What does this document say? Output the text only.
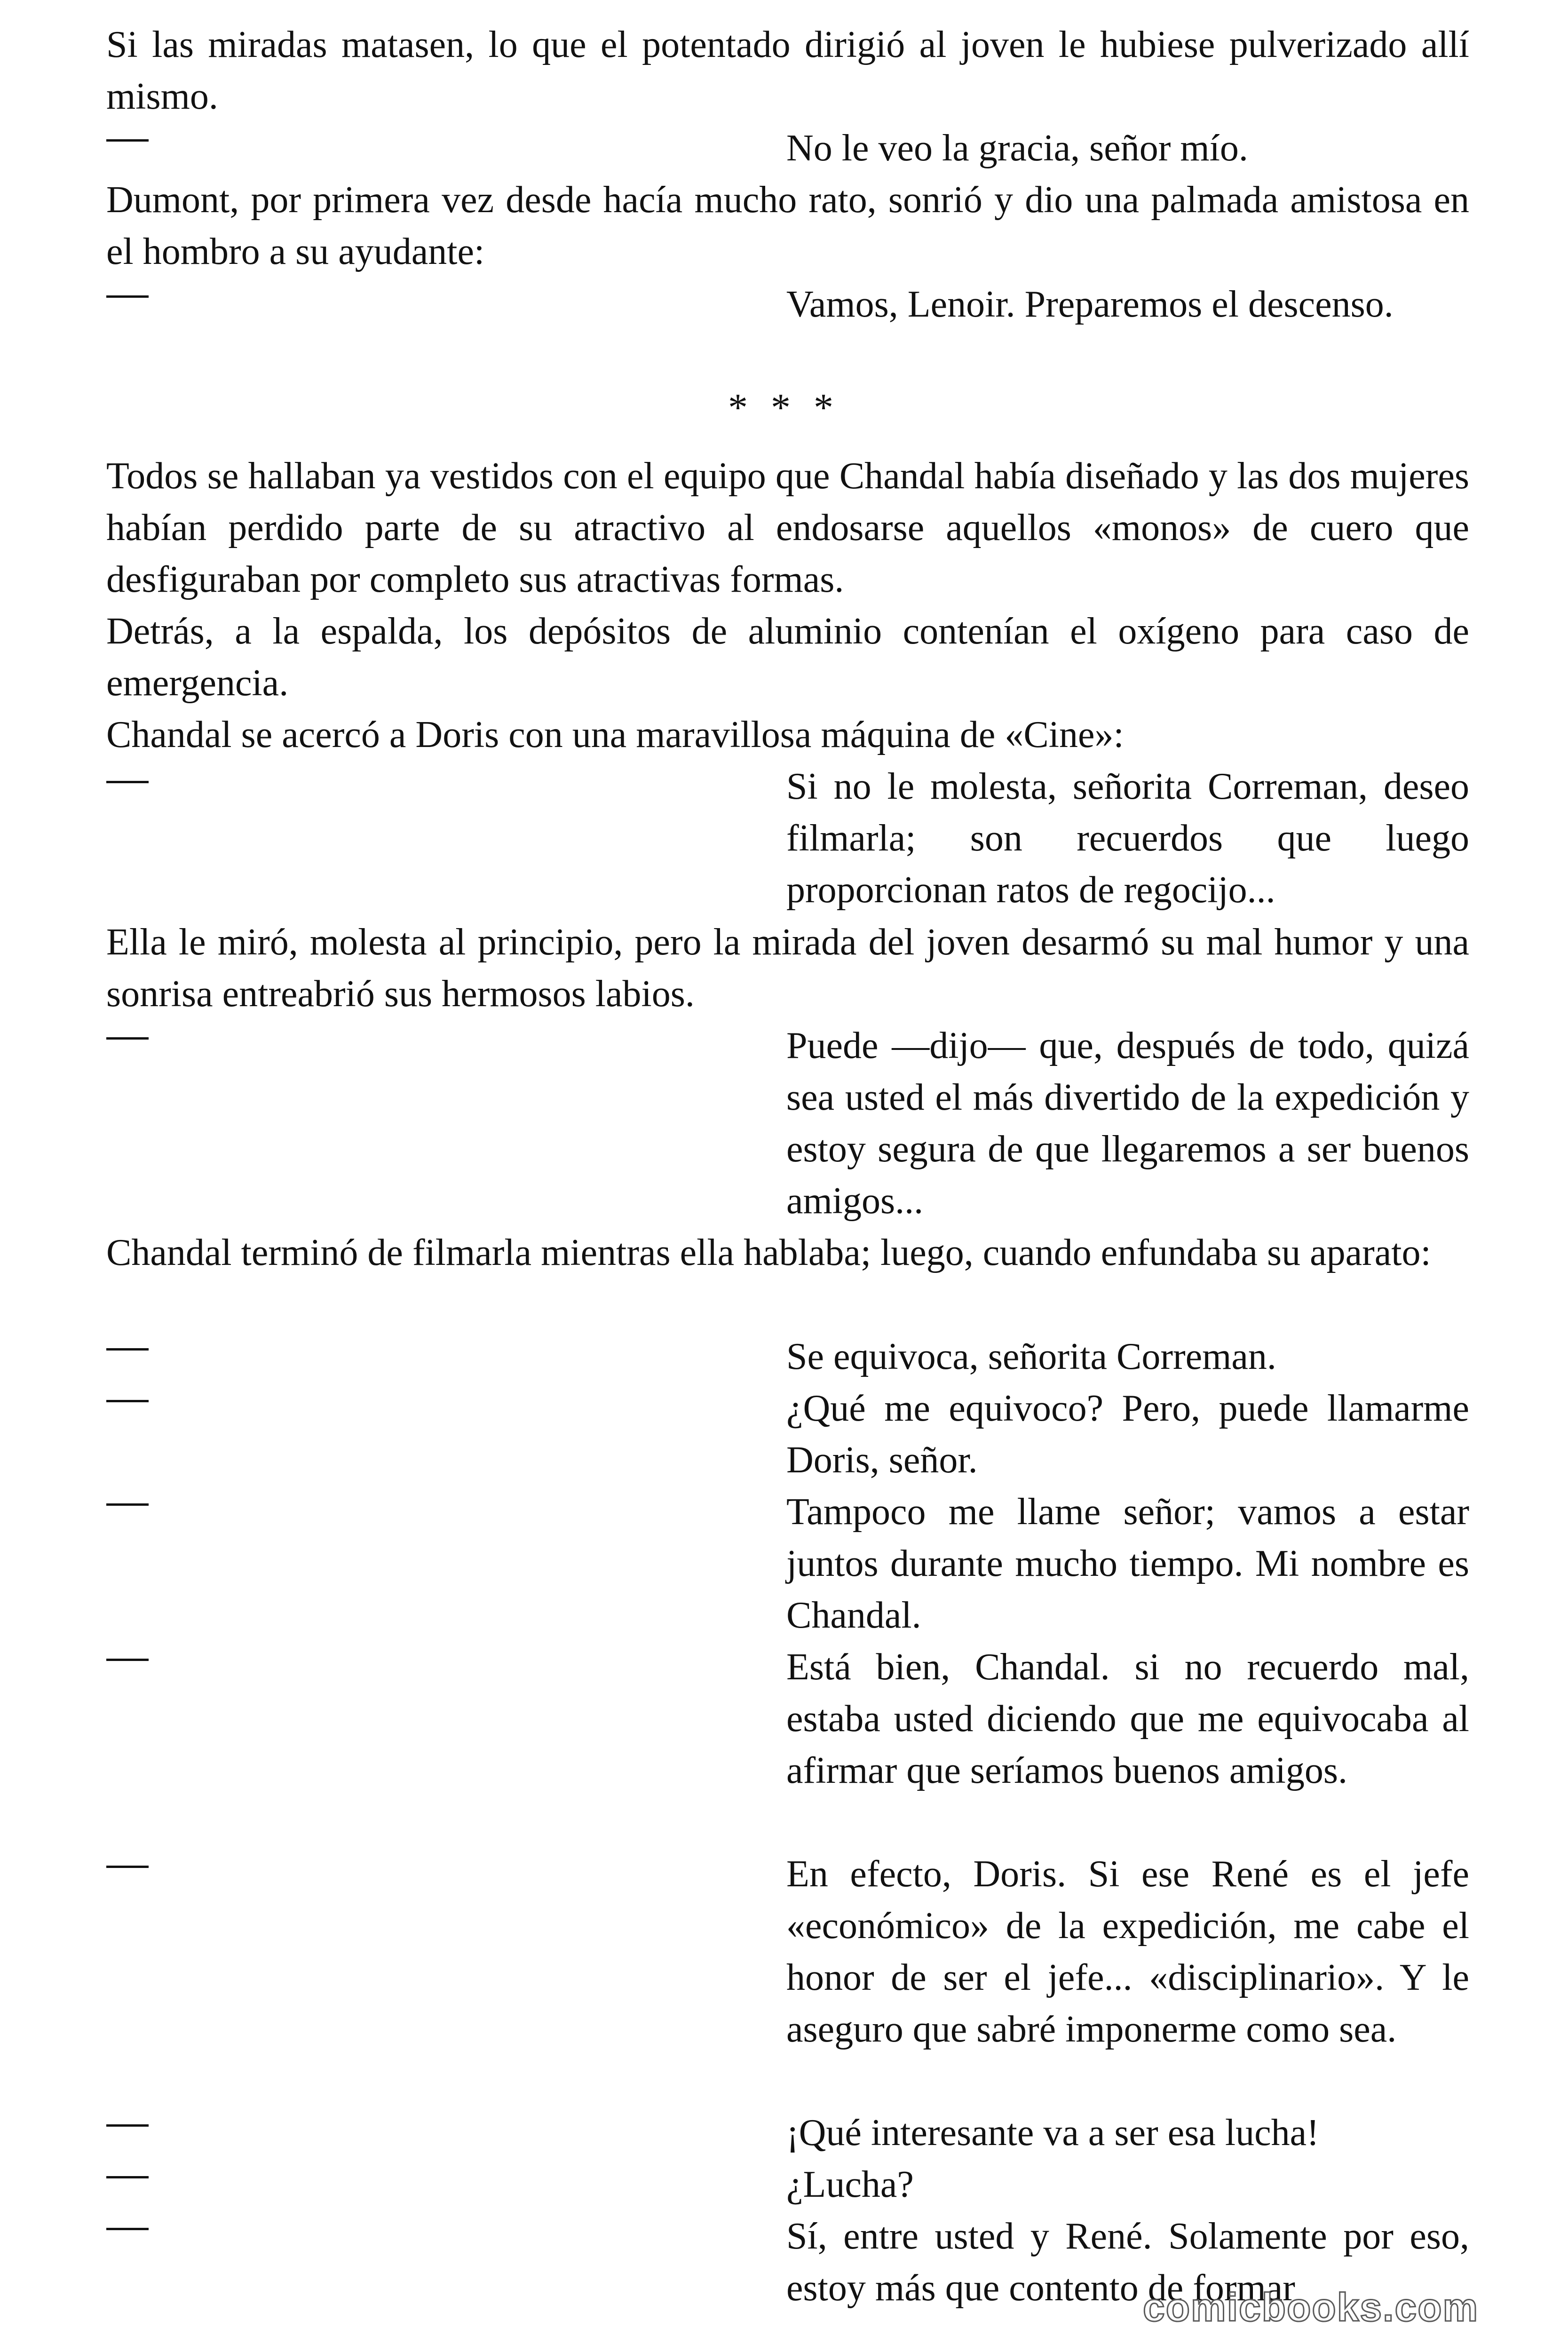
Si las miradas matasen, lo que el potentado dirigió al joven le hubiese pulverizado allí mismo.

No le veo la gracia, señor mío.

Dumont, por primera vez desde hacía mucho rato, sonrió y dio una palmada amistosa en el hombro a su ayudante:

Vamos, Lenoir. Preparemos el descenso.

* * *

Todos se hallaban ya vestidos con el equipo que Chandal había diseñado y las dos mujeres habían perdido parte de su atractivo al endosarse aquellos «monos» de cuero que desfiguraban por completo sus atractivas formas.

Detrás, a la espalda, los depósitos de aluminio contenían el oxígeno para caso de emergencia.

Chandal se acercó a Doris con una maravillosa máquina de «Cine»:

Si no le molesta, señorita Correman, deseo filmarla; son recuerdos que luego proporcionan ratos de regocijo...

Ella le miró, molesta al principio, pero la mirada del joven desarmó su mal humor y una sonrisa entreabrió sus hermosos labios.

Puede —dijo— que, después de todo, quizá sea usted el más divertido de la expedición y estoy segura de que llegaremos a ser buenos amigos...

Chandal terminó de filmarla mientras ella hablaba; luego, cuando enfundaba su aparato:

Se equivoca, señorita Correman.

¿Qué me equivoco? Pero, puede llamarme Doris, señor.

Tampoco me llame señor; vamos a estar juntos durante mucho tiempo. Mi nombre es Chandal.

Está bien, Chandal. si no recuerdo mal, estaba usted diciendo que me equivocaba al afirmar que seríamos buenos amigos.

En efecto, Doris. Si ese René es el jefe «económico» de la expedición, me cabe el honor de ser el jefe... «disciplinario». Y le aseguro que sabré imponerme como sea.

¡Qué interesante va a ser esa lucha!

¿Lucha?

Sí, entre usted y René. Solamente por eso, estoy más que contento de formar

comicbooks.com
